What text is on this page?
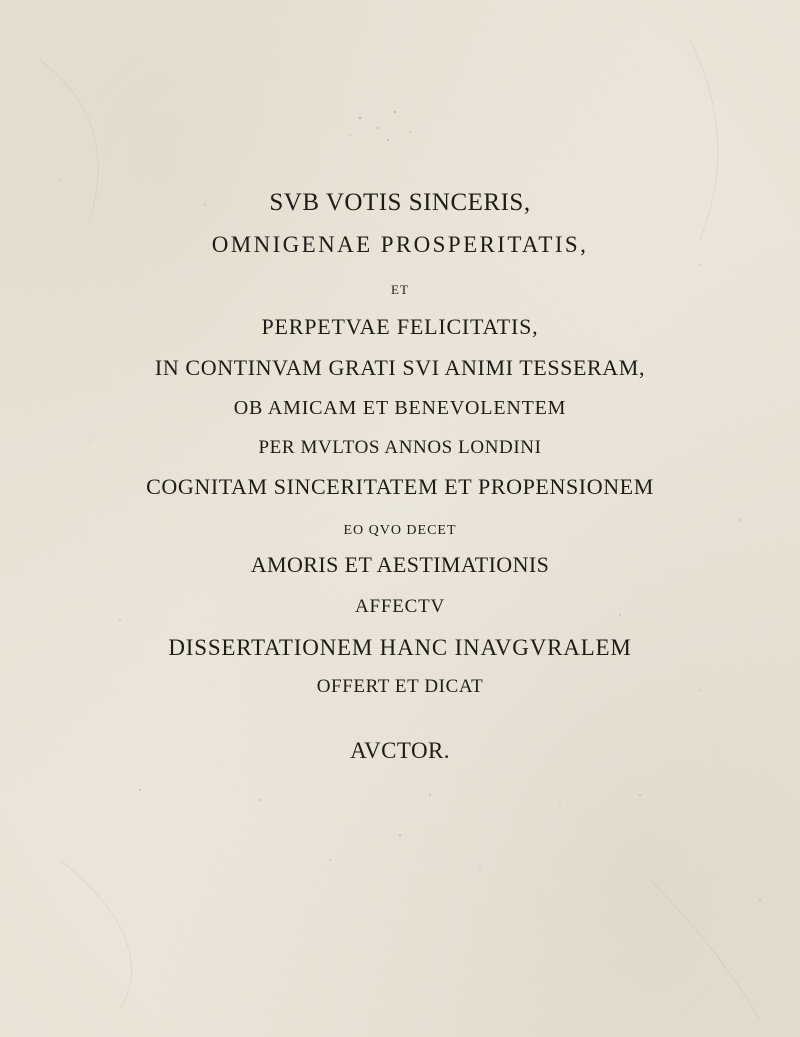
SVB VOTIS SINCERIS,
OMNIGENAE PROSPERITATIS,
ET
PERPETVAE FELICITATIS,
IN CONTINVAM GRATI SVI ANIMI TESSERAM,
OB AMICAM ET BENEVOLENTEM
PER MVLTOS ANNOS LONDINI
COGNITAM SINCERITATEM ET PROPENSIONEM
EO QVO DECET
AMORIS ET AESTIMATIONIS
AFFECTV
DISSERTATIONEM HANC INAVGVRALEM
OFFERT ET DICAT
AVCTOR.
